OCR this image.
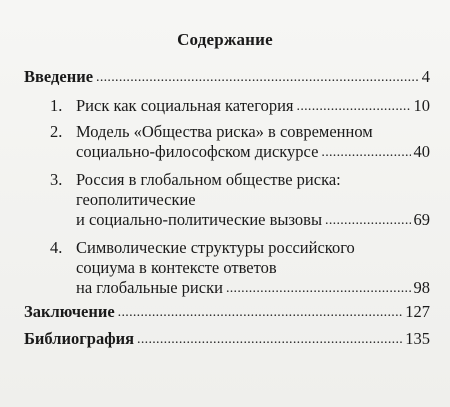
Содержание
Введение . . .	4
1. Риск как социальная категория . . .	10
2. Модель «Общества риска» в современном
социально-философском дискурсе . . .	40
3. Россия в глобальном обществе риска:
геополитические
и социально-политические вызовы . . .	69
4. Символические структуры российского
социума в контексте ответов
на глобальные риски . . .	98
Заключение . . .	127
Библиография . . .	135
